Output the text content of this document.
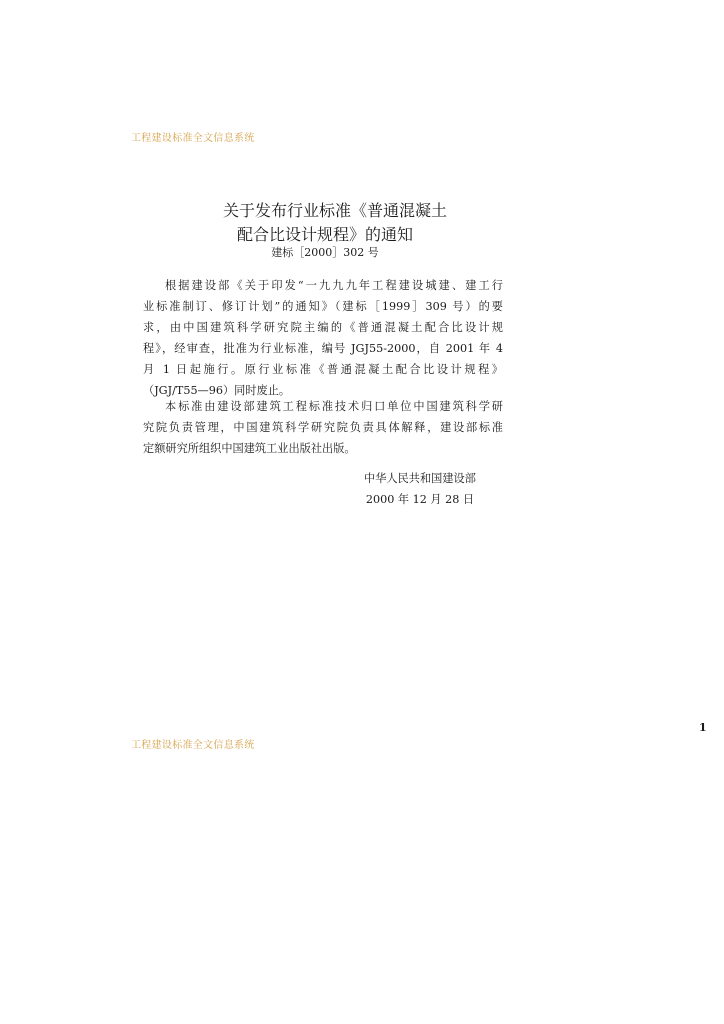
工程建设标准全文信息系统
关于发布行业标准《普通混凝土
配合比设计规程》的通知
建标［2000］302 号
根据建设部《关于印发“一九九九年工程建设城建、建工行
业标准制订、修订计划”的通知》（建标［1999］309 号）的要
求，由中国建筑科学研究院主编的《普通混凝土配合比设计规
程》，经审查，批准为行业标准，编号 JGJ55-2000，自 2001 年 4
月 1 日起施行。原行业标准《普通混凝土配合比设计规程》
（JGJ/T55—96）同时废止。
本标准由建设部建筑工程标准技术归口单位中国建筑科学研
究院负责管理，中国建筑科学研究院负责具体解释，建设部标准
定额研究所组织中国建筑工业出版社出版。
中华人民共和国建设部
2000 年 12 月 28 日
1
工程建设标准全文信息系统
